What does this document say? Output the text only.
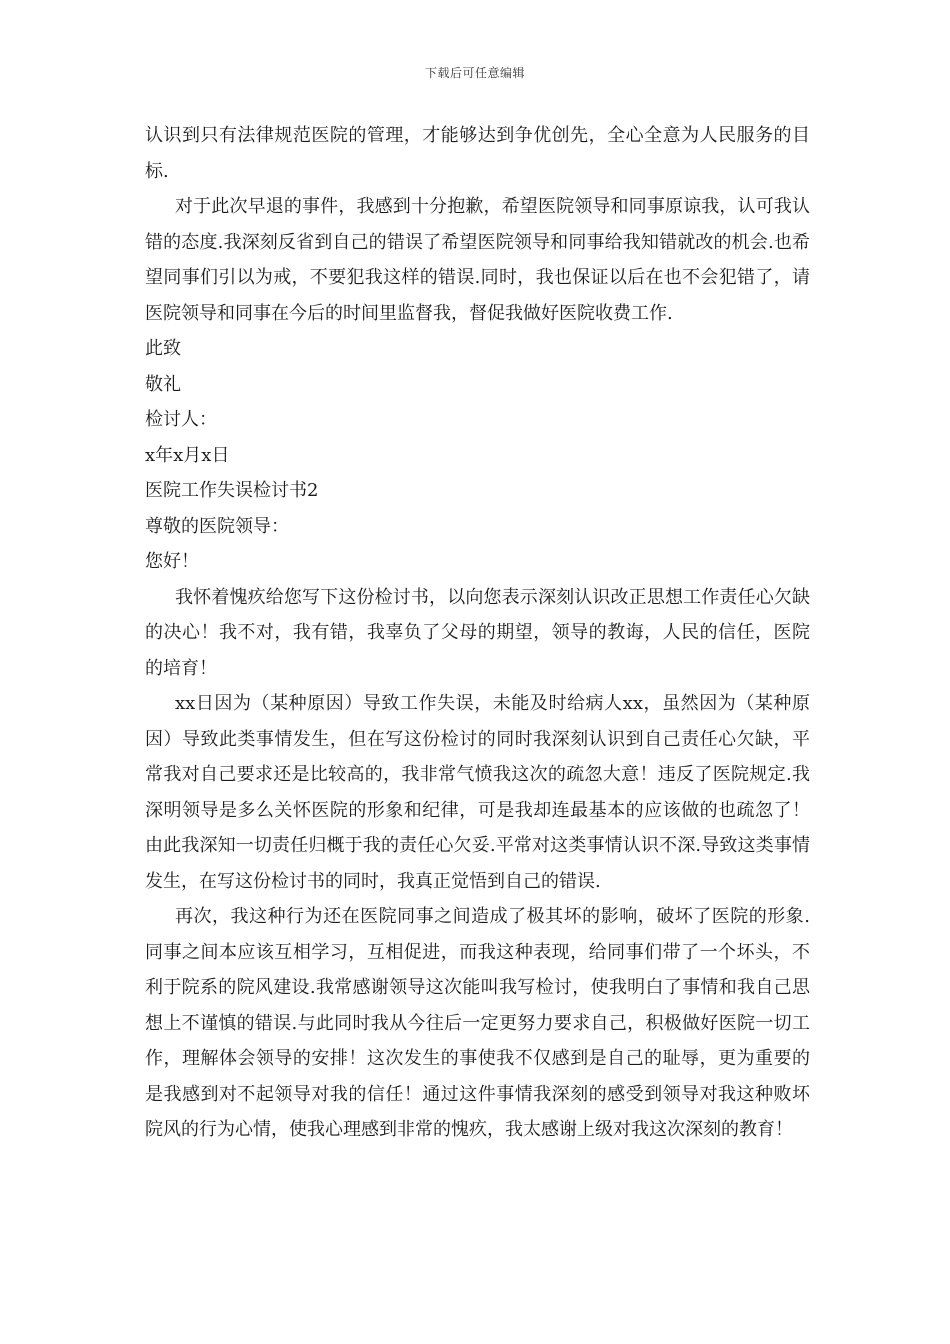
下载后可任意编辑

认识到只有法律规范医院的管理，才能够达到争优创先，全心全意为人民服务的目标.

对于此次早退的事件，我感到十分抱歉，希望医院领导和同事原谅我，认可我认错的态度.我深刻反省到自己的错误了希望医院领导和同事给我知错就改的机会.也希望同事们引以为戒，不要犯我这样的错误.同时，我也保证以后在也不会犯错了，请医院领导和同事在今后的时间里监督我，督促我做好医院收费工作.

此致

敬礼

检讨人：

x年x月x日

医院工作失误检讨书2

尊敬的医院领导：

您好！

我怀着愧疚给您写下这份检讨书，以向您表示深刻认识改正思想工作责任心欠缺的决心！我不对，我有错，我辜负了父母的期望，领导的教诲，人民的信任，医院的培育！

xx日因为（某种原因）导致工作失误，未能及时给病人xx，虽然因为（某种原因）导致此类事情发生，但在写这份检讨的同时我深刻认识到自己责任心欠缺，平常我对自己要求还是比较高的，我非常气愤我这次的疏忽大意！违反了医院规定.我深明领导是多么关怀医院的形象和纪律，可是我却连最基本的应该做的也疏忽了！由此我深知一切责任归概于我的责任心欠妥.平常对这类事情认识不深.导致这类事情发生，在写这份检讨书的同时，我真正觉悟到自己的错误.

再次，我这种行为还在医院同事之间造成了极其坏的影响，破坏了医院的形象.同事之间本应该互相学习，互相促进，而我这种表现，给同事们带了一个坏头，不利于院系的院风建设.我常感谢领导这次能叫我写检讨，使我明白了事情和我自己思想上不谨慎的错误.与此同时我从今往后一定更努力要求自己，积极做好医院一切工作，理解体会领导的安排！这次发生的事使我不仅感到是自己的耻辱，更为重要的是我感到对不起领导对我的信任！通过这件事情我深刻的感受到领导对我这种败坏院风的行为心情，使我心理感到非常的愧疚，我太感谢上级对我这次深刻的教育！
